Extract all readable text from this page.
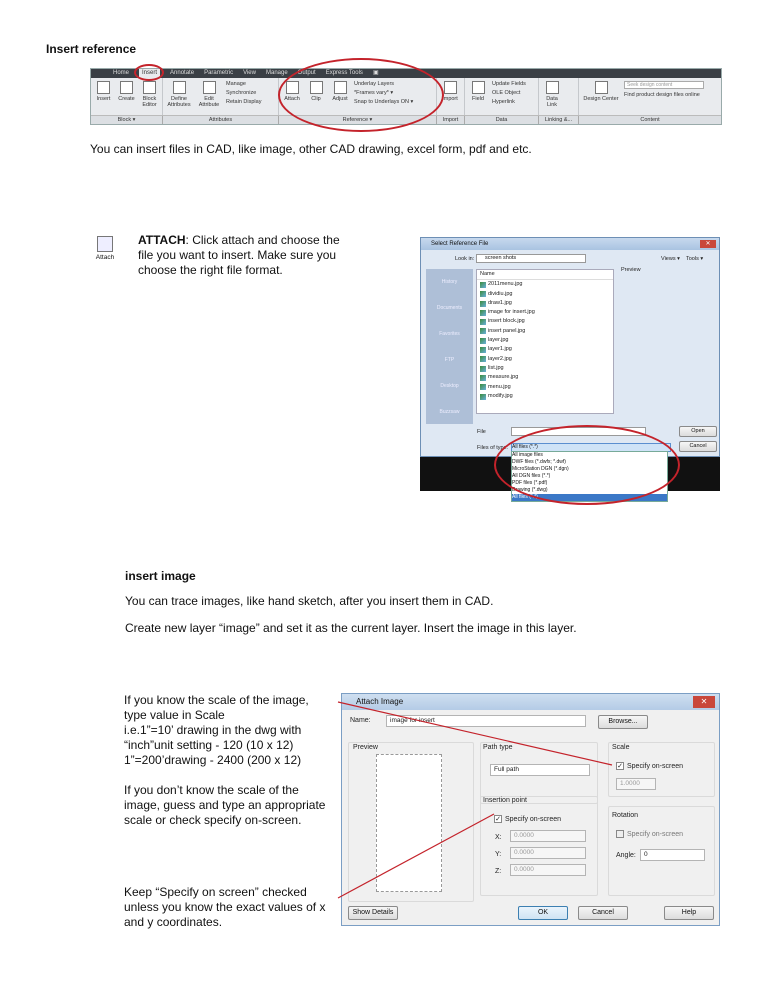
Insert reference
Home	Insert	Annotate Parametric View Manage Output Express Tools ▣
Insert Create	Block Editor
Define Attributes
Edit Attribute
Manage
Synchronize
Retain Display	Attach Clip Adjust
Underlay Layers
*Frames vary* ▾
Snap to Underlays ON ▾	Import	Field
Update Fields
OLE Object
Hyperlink	Data Link
Design Center
Seek design content
Find product design files online
Block ▾	Attributes	Reference ▾	Import	Data	Linking &...	Content
You can insert files in CAD, like image, other CAD drawing, excel form, pdf and etc.
Attach
ATTACH: Click attach and choose the file you want to insert. Make sure you choose the right file format.
Select Reference File	✕
Look in:	screen shots	Views ▾ Tools ▾
History
Documents
Favorites
FTP
Desktop
Buzzsaw
Name
2011menu.jpg
dividiu.jpg
draw1.jpg
image for insert.jpg
insert block.jpg
insert panel.jpg
layer.jpg
layer1.jpg
layer2.jpg
list.jpg
measure.jpg
menu.jpg
modify.jpg
Preview
File
Files of type: All files (*.*)
Open
Cancel
All image files
DWF files (*.dwfx; *.dwf)
MicroStation DGN (*.dgn)
All DGN files (*.*)
PDF files (*.pdf)
Drawing (*.dwg)
All files (*.*)
insert image
You can trace images, like hand sketch, after you insert them in CAD.
Create new layer “image” and set it as the current layer. Insert the image in this layer.
If you know the scale of the image,
type value in Scale
i.e.1”=10’ drawing in the dwg with
“inch”unit setting - 120 (10 x 12)
1”=200’drawing - 2400 (200 x 12)
If you don’t know the scale of the
image, guess and type an appropriate
scale or check specify on-screen.
Keep “Specify on screen” checked
unless you know the exact values of x
and y coordinates.
Attach Image	✕
Name:	image for insert	Browse...
Preview	Path type
Full path
Insertion point
✓ Specify on-screen
X:	0.0000
Y:	0.0000
Z:	0.0000
Scale
✓ Specify on-screen
1.0000
Rotation
Specify on-screen
Angle:	0
Show Details	OK	Cancel	Help
